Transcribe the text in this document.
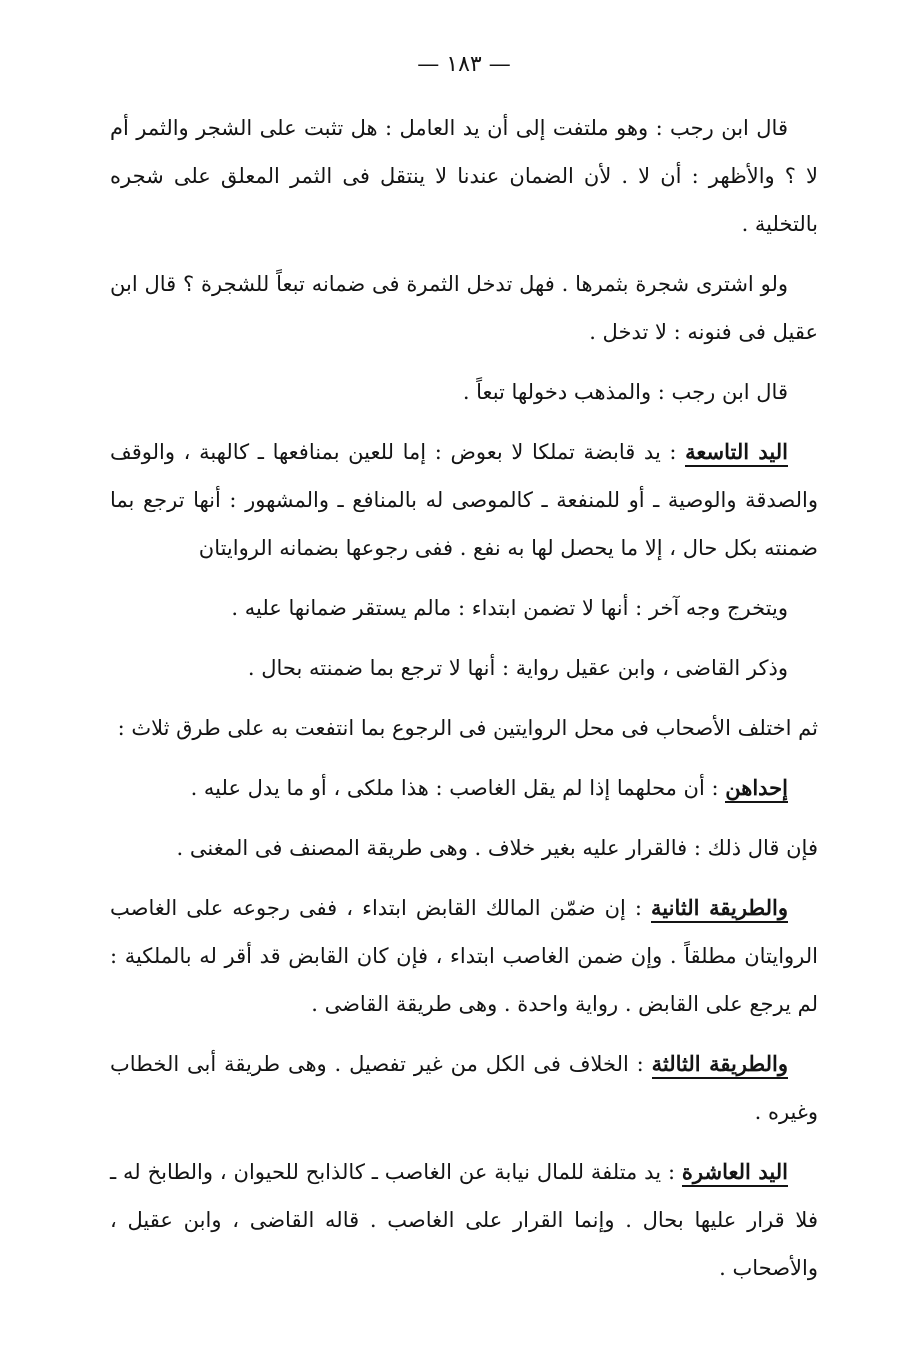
— ١٨٣ —

قال ابن رجب : وهو ملتفت إلى أن يد العامل : هل تثبت على الشجر والثمر أم لا ؟ والأظهر : أن لا . لأن الضمان عندنا لا ينتقل فى الثمر المعلق على شجره بالتخلية .

ولو اشترى شجرة بثمرها . فهل تدخل الثمرة فى ضمانه تبعاً للشجرة ؟ قال ابن عقيل فى فنونه : لا تدخل .

قال ابن رجب : والمذهب دخولها تبعاً .

اليد التاسعة : يد قابضة تملكا لا بعوض : إما للعين بمنافعها ـ كالهبة ، والوقف والصدقة والوصية ـ أو للمنفعة ـ كالموصى له بالمنافع ـ والمشهور : أنها ترجع بما ضمنته بكل حال ، إلا ما يحصل لها به نفع . ففى رجوعها بضمانه الروايتان

ويتخرج وجه آخر : أنها لا تضمن ابتداء : مالم يستقر ضمانها عليه .

وذكر القاضى ، وابن عقيل رواية : أنها لا ترجع بما ضمنته بحال .

ثم اختلف الأصحاب فى محل الروايتين فى الرجوع بما انتفعت به على طرق ثلاث :

إحداهن : أن محلهما إذا لم يقل الغاصب : هذا ملكى ، أو ما يدل عليه .

فإن قال ذلك : فالقرار عليه بغير خلاف . وهى طريقة المصنف فى المغنى .

والطريقة الثانية : إن ضمّن المالك القابض ابتداء ، ففى رجوعه على الغاصب الروايتان مطلقاً . وإن ضمن الغاصب ابتداء ، فإن كان القابض قد أقر له بالملكية : لم يرجع على القابض . رواية واحدة . وهى طريقة القاضى .

والطريقة الثالثة : الخلاف فى الكل من غير تفصيل . وهى طريقة أبى الخطاب وغيره .

اليد العاشرة : يد متلفة للمال نيابة عن الغاصب ـ كالذابح للحيوان ، والطابخ له ـ فلا قرار عليها بحال . وإنما القرار على الغاصب . قاله القاضى ، وابن عقيل ، والأصحاب .
